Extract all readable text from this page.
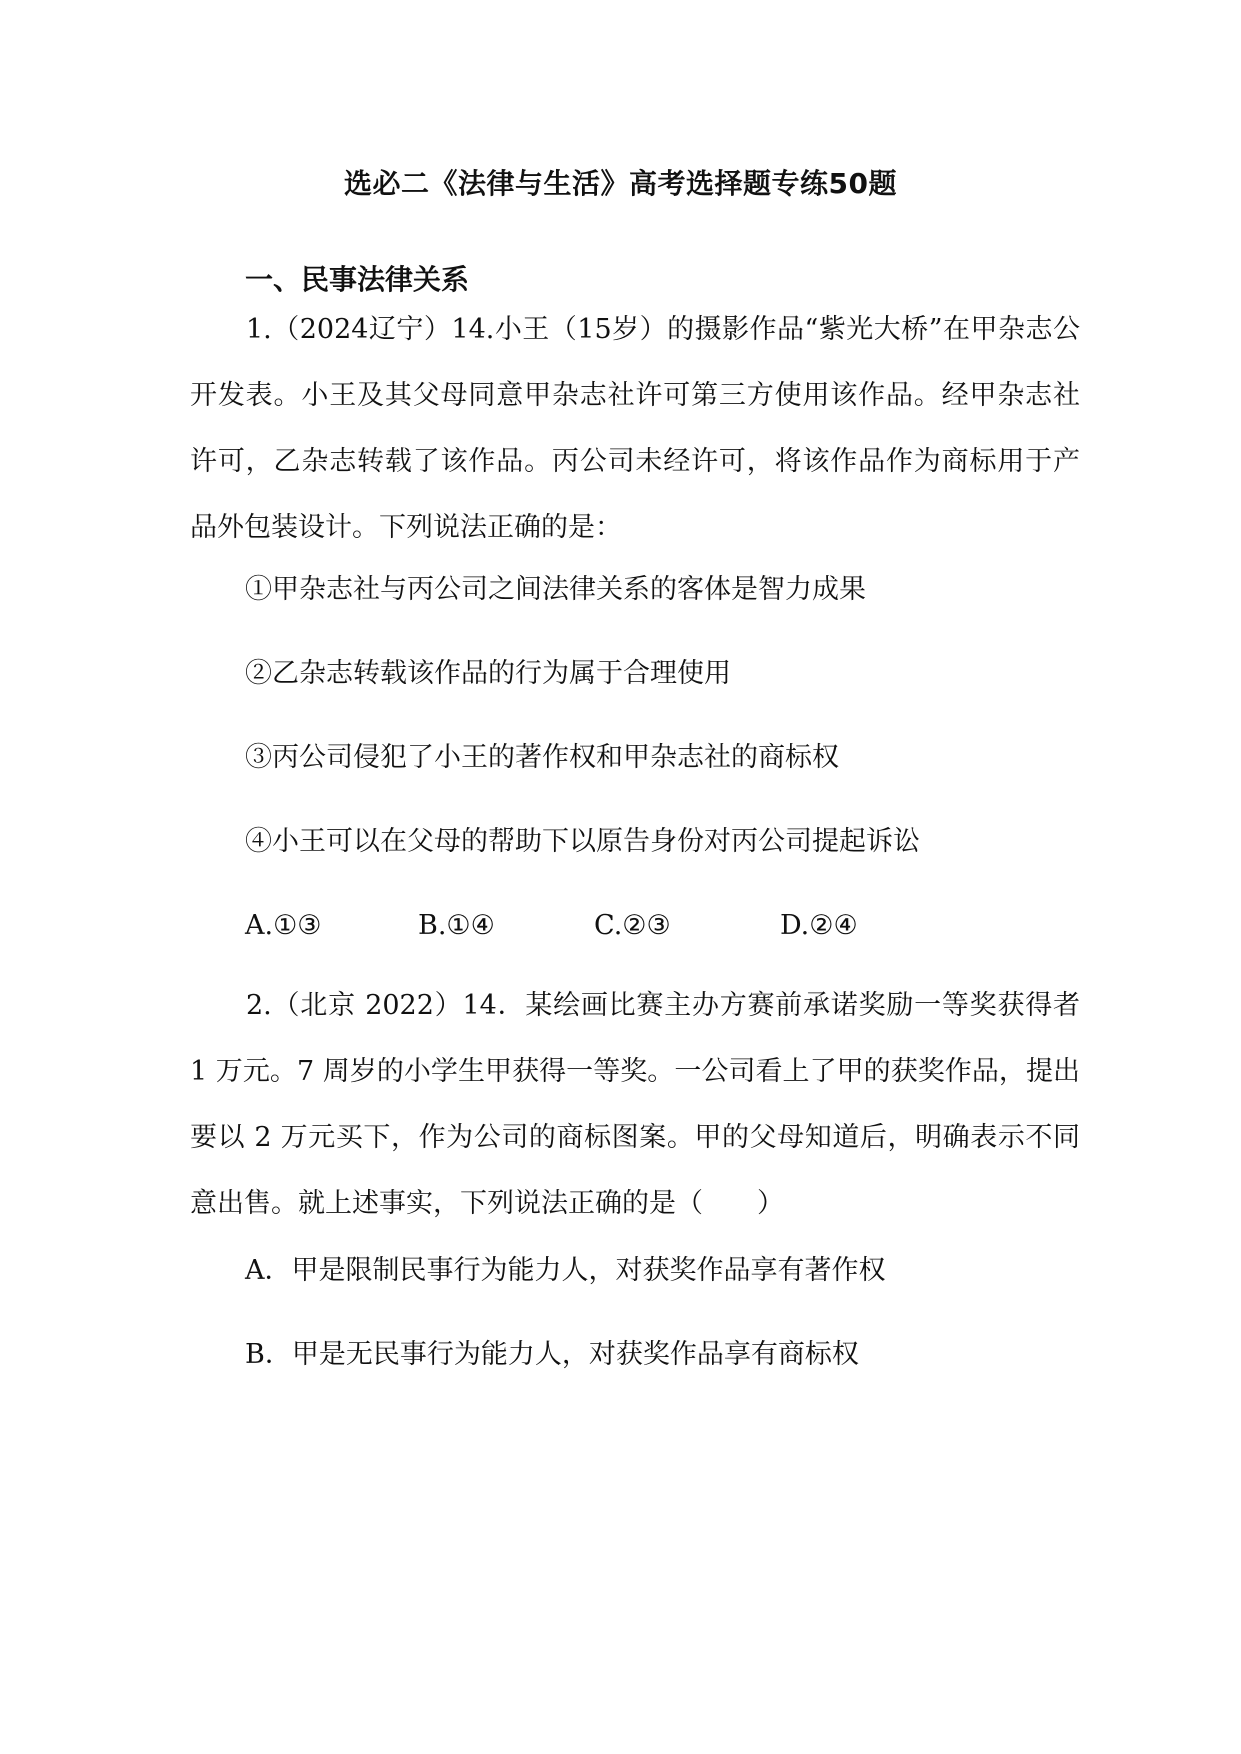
选必二《法律与生活》高考选择题专练50题
一、民事法律关系
1.（2024辽宁）14.小王（15岁）的摄影作品“紫光大桥”在甲杂志公开发表。小王及其父母同意甲杂志社许可第三方使用该作品。经甲杂志社许可，乙杂志转载了该作品。丙公司未经许可，将该作品作为商标用于产品外包装设计。下列说法正确的是：
①甲杂志社与丙公司之间法律关系的客体是智力成果
②乙杂志转载该作品的行为属于合理使用
③丙公司侵犯了小王的著作权和甲杂志社的商标权
④小王可以在父母的帮助下以原告身份对丙公司提起诉讼
A.①③	B.①④	C.②③	D.②④
2.（北京 2022）14．某绘画比赛主办方赛前承诺奖励一等奖获得者 1 万元。7 周岁的小学生甲获得一等奖。一公司看上了甲的获奖作品，提出要以 2 万元买下，作为公司的商标图案。甲的父母知道后，明确表示不同意出售。就上述事实，下列说法正确的是（　　）
A．甲是限制民事行为能力人，对获奖作品享有著作权
B．甲是无民事行为能力人，对获奖作品享有商标权
